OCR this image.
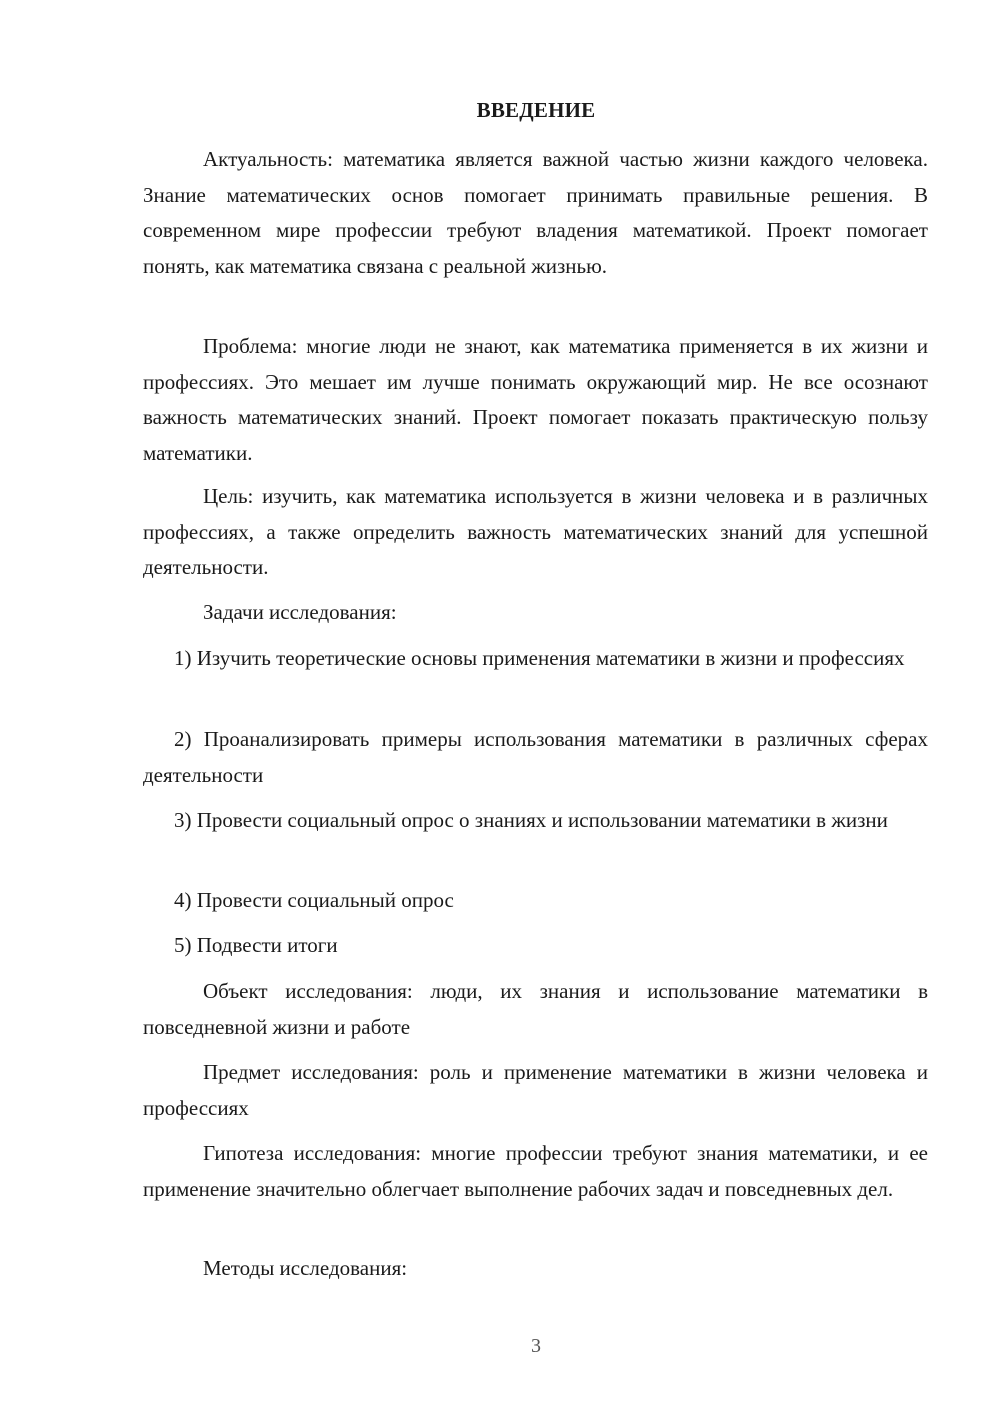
ВВЕДЕНИЕ

Актуальность: математика является важной частью жизни каждого человека. Знание математических основ помогает принимать правильные решения. В современном мире профессии требуют владения математикой. Проект помогает понять, как математика связана с реальной жизнью.

Проблема: многие люди не знают, как математика применяется в их жизни и профессиях. Это мешает им лучше понимать окружающий мир. Не все осознают важность математических знаний. Проект помогает показать практическую пользу математики.

Цель: изучить, как математика используется в жизни человека и в различных профессиях, а также определить важность математических знаний для успешной деятельности.

Задачи исследования:

1) Изучить теоретические основы применения математики в жизни и профессиях

2) Проанализировать примеры использования математики в различных сферах деятельности

3) Провести социальный опрос о знаниях и использовании математики в жизни

4) Провести социальный опрос

5) Подвести итоги

Объект исследования: люди, их знания и использование математики в повседневной жизни и работе

Предмет исследования: роль и применение математики в жизни человека и профессиях

Гипотеза исследования: многие профессии требуют знания математики, и ее применение значительно облегчает выполнение рабочих задач и повседневных дел.

Методы исследования:

3
